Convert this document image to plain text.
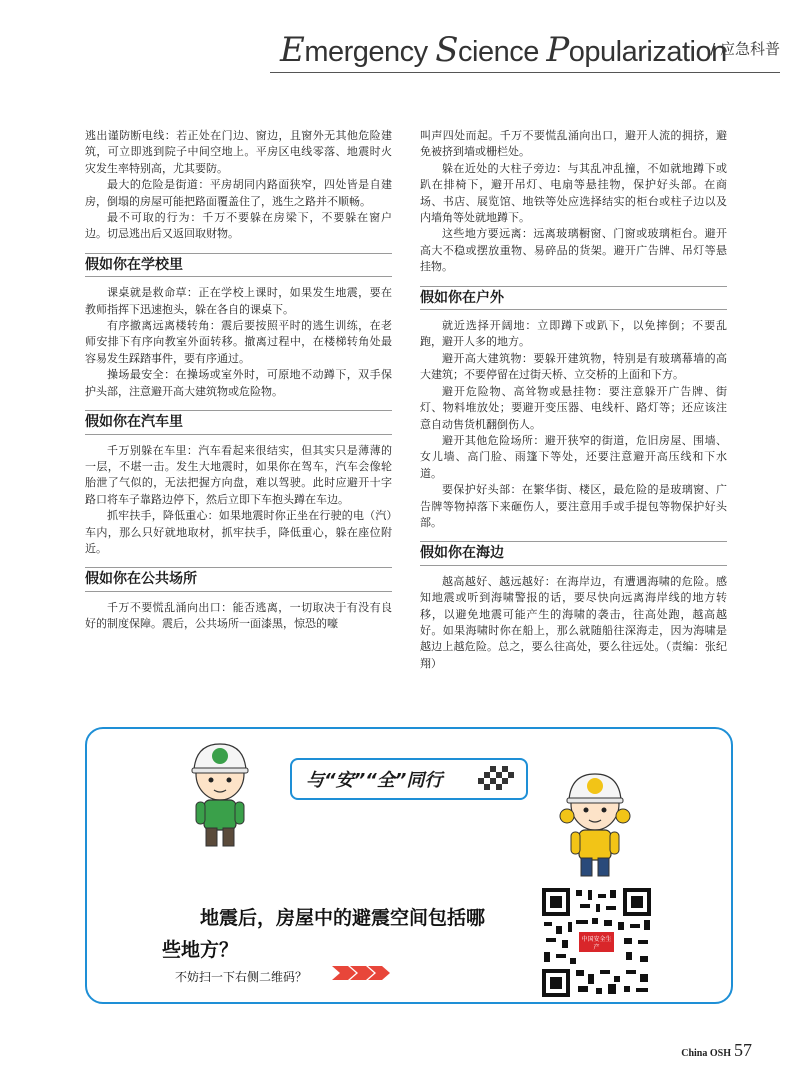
Emergency Science Popularization
/ 应急科普

逃出谨防断电线：若正处在门边、窗边，且窗外无其他危险建筑，可立即逃到院子中间空地上。平房区电线零落、地震时火灾发生率特别高，尤其要防。

最大的危险是街道：平房胡同内路面狭窄，四处皆是自建房，倒塌的房屋可能把路面覆盖住了，逃生之路并不顺畅。

最不可取的行为：千万不要躲在房梁下，不要躲在窗户边。切忌逃出后又返回取财物。

假如你在学校里

课桌就是救命草：正在学校上课时，如果发生地震，要在教师指挥下迅速抱头，躲在各自的课桌下。

有序撤离远离楼转角：震后要按照平时的逃生训练，在老师安排下有序向教室外面转移。撤离过程中，在楼梯转角处最容易发生踩踏事件，要有序通过。

操场最安全：在操场或室外时，可原地不动蹲下，双手保护头部，注意避开高大建筑物或危险物。

假如你在汽车里

千万别躲在车里：汽车看起来很结实，但其实只是薄薄的一层，不堪一击。发生大地震时，如果你在驾车，汽车会像轮胎泄了气似的，无法把握方向盘，难以驾驶。此时应避开十字路口将车子靠路边停下，然后立即下车抱头蹲在车边。

抓牢扶手，降低重心：如果地震时你正坐在行驶的电（汽）车内，那么只好就地取材，抓牢扶手，降低重心，躲在座位附近。

假如你在公共场所

千万不要慌乱涌向出口：能否逃离，一切取决于有没有良好的制度保障。震后，公共场所一面漆黑，惊恐的嚎

叫声四处而起。千万不要慌乱涌向出口，避开人流的拥挤，避免被挤到墙或栅栏处。

躲在近处的大柱子旁边：与其乱冲乱撞，不如就地蹲下或趴在排椅下，避开吊灯、电扇等悬挂物，保护好头部。在商场、书店、展览馆、地铁等处应选择结实的柜台或柱子边以及内墙角等处就地蹲下。

这些地方要远离：远离玻璃橱窗、门窗或玻璃柜台。避开高大不稳或摆放重物、易碎品的货架。避开广告牌、吊灯等悬挂物。

假如你在户外

就近选择开阔地：立即蹲下或趴下，以免摔倒；不要乱跑，避开人多的地方。

避开高大建筑物：要躲开建筑物，特别是有玻璃幕墙的高大建筑；不要停留在过街天桥、立交桥的上面和下方。

避开危险物、高耸物或悬挂物：要注意躲开广告牌、街灯、物料堆放处；要避开变压器、电线杆、路灯等；还应该注意自动售货机翻倒伤人。

避开其他危险场所：避开狭窄的街道，危旧房屋、围墙、女儿墙、高门脸、雨篷下等处，还要注意避开高压线和下水道。

要保护好头部：在繁华街、楼区，最危险的是玻璃窗、广告牌等物掉落下来砸伤人，要注意用手或手提包等物保护好头部。

假如你在海边

越高越好、越远越好：在海岸边，有遭遇海啸的危险。感知地震或听到海啸警报的话，要尽快向远离海岸线的地方转移，以避免地震可能产生的海啸的袭击，往高处跑，越高越好。如果海啸时你在船上，那么就随船往深海走，因为海啸是越边上越危险。总之，要么往高处，要么往远处。（责编：张纪翔）

与“安”“全”同行
地震后，房屋中的避震空间包括哪
些地方？
不妨扫一下右侧二维码？
中国安全生产
China OSH 57
